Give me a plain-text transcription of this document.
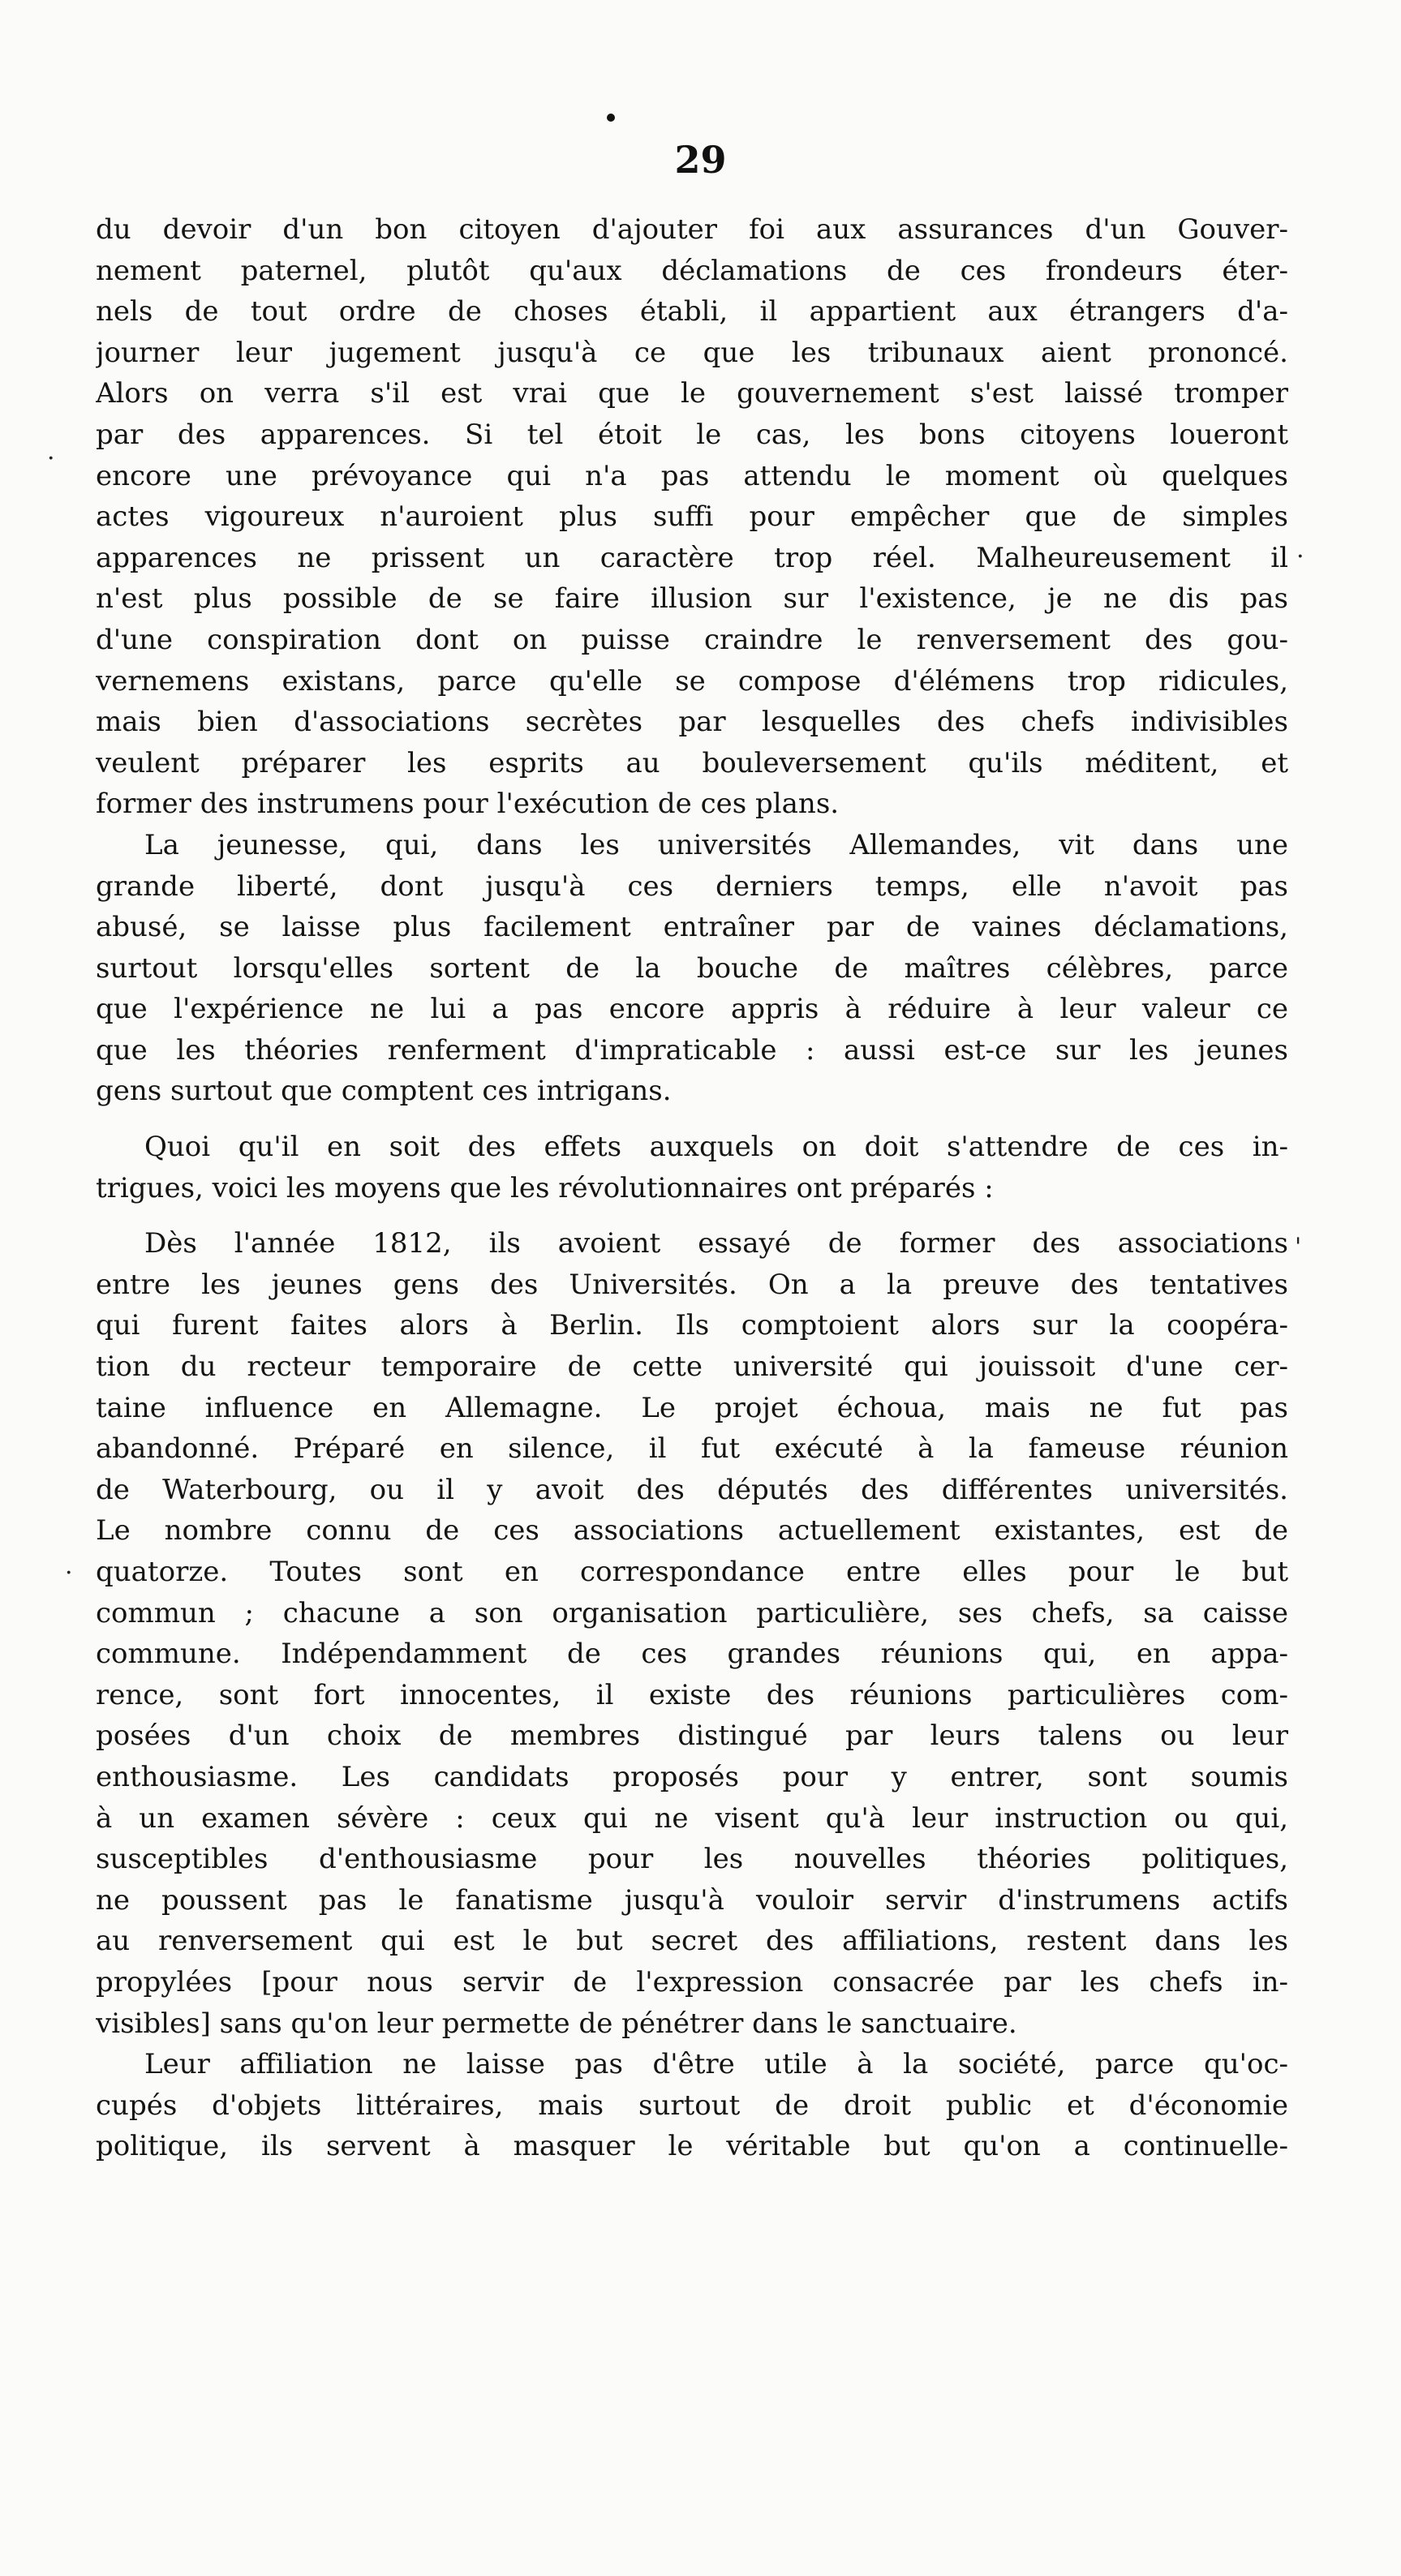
29
du devoir d'un bon citoyen d'ajouter foi aux assurances d'un Gouver-
nement paternel, plutôt qu'aux déclamations de ces frondeurs éter-
nels de tout ordre de choses établi, il appartient aux étrangers d'a-
journer leur jugement jusqu'à ce que les tribunaux aient prononcé.
Alors on verra s'il est vrai que le gouvernement s'est laissé tromper
par des apparences. Si tel étoit le cas, les bons citoyens loueront
encore une prévoyance qui n'a pas attendu le moment où quelques
actes vigoureux n'auroient plus suffi pour empêcher que de simples
apparences ne prissent un caractère trop réel. Malheureusement il
n'est plus possible de se faire illusion sur l'existence, je ne dis pas
d'une conspiration dont on puisse craindre le renversement des gou-
vernemens existans, parce qu'elle se compose d'élémens trop ridicules,
mais bien d'associations secrètes par lesquelles des chefs indivisibles
veulent préparer les esprits au bouleversement qu'ils méditent, et
former des instrumens pour l'exécution de ces plans.
La jeunesse, qui, dans les universités Allemandes, vit dans une
grande liberté, dont jusqu'à ces derniers temps, elle n'avoit pas
abusé, se laisse plus facilement entraîner par de vaines déclamations,
surtout lorsqu'elles sortent de la bouche de maîtres célèbres, parce
que l'expérience ne lui a pas encore appris à réduire à leur valeur ce
que les théories renferment d'impraticable : aussi est-ce sur les jeunes
gens surtout que comptent ces intrigans.
Quoi qu'il en soit des effets auxquels on doit s'attendre de ces in-
trigues, voici les moyens que les révolutionnaires ont préparés :
Dès l'année 1812, ils avoient essayé de former des associations
entre les jeunes gens des Universités. On a la preuve des tentatives
qui furent faites alors à Berlin. Ils comptoient alors sur la coopéra-
tion du recteur temporaire de cette université qui jouissoit d'une cer-
taine influence en Allemagne. Le projet échoua, mais ne fut pas
abandonné. Préparé en silence, il fut exécuté à la fameuse réunion
de Waterbourg, ou il y avoit des députés des différentes universités.
Le nombre connu de ces associations actuellement existantes, est de
quatorze. Toutes sont en correspondance entre elles pour le but
commun ; chacune a son organisation particulière, ses chefs, sa caisse
commune. Indépendamment de ces grandes réunions qui, en appa-
rence, sont fort innocentes, il existe des réunions particulières com-
posées d'un choix de membres distingué par leurs talens ou leur
enthousiasme. Les candidats proposés pour y entrer, sont soumis
à un examen sévère : ceux qui ne visent qu'à leur instruction ou qui,
susceptibles d'enthousiasme pour les nouvelles théories politiques,
ne poussent pas le fanatisme jusqu'à vouloir servir d'instrumens actifs
au renversement qui est le but secret des affiliations, restent dans les
propylées [pour nous servir de l'expression consacrée par les chefs in-
visibles] sans qu'on leur permette de pénétrer dans le sanctuaire.
Leur affiliation ne laisse pas d'être utile à la société, parce qu'oc-
cupés d'objets littéraires, mais surtout de droit public et d'économie
politique, ils servent à masquer le véritable but qu'on a continuelle-
·
.
'
·
